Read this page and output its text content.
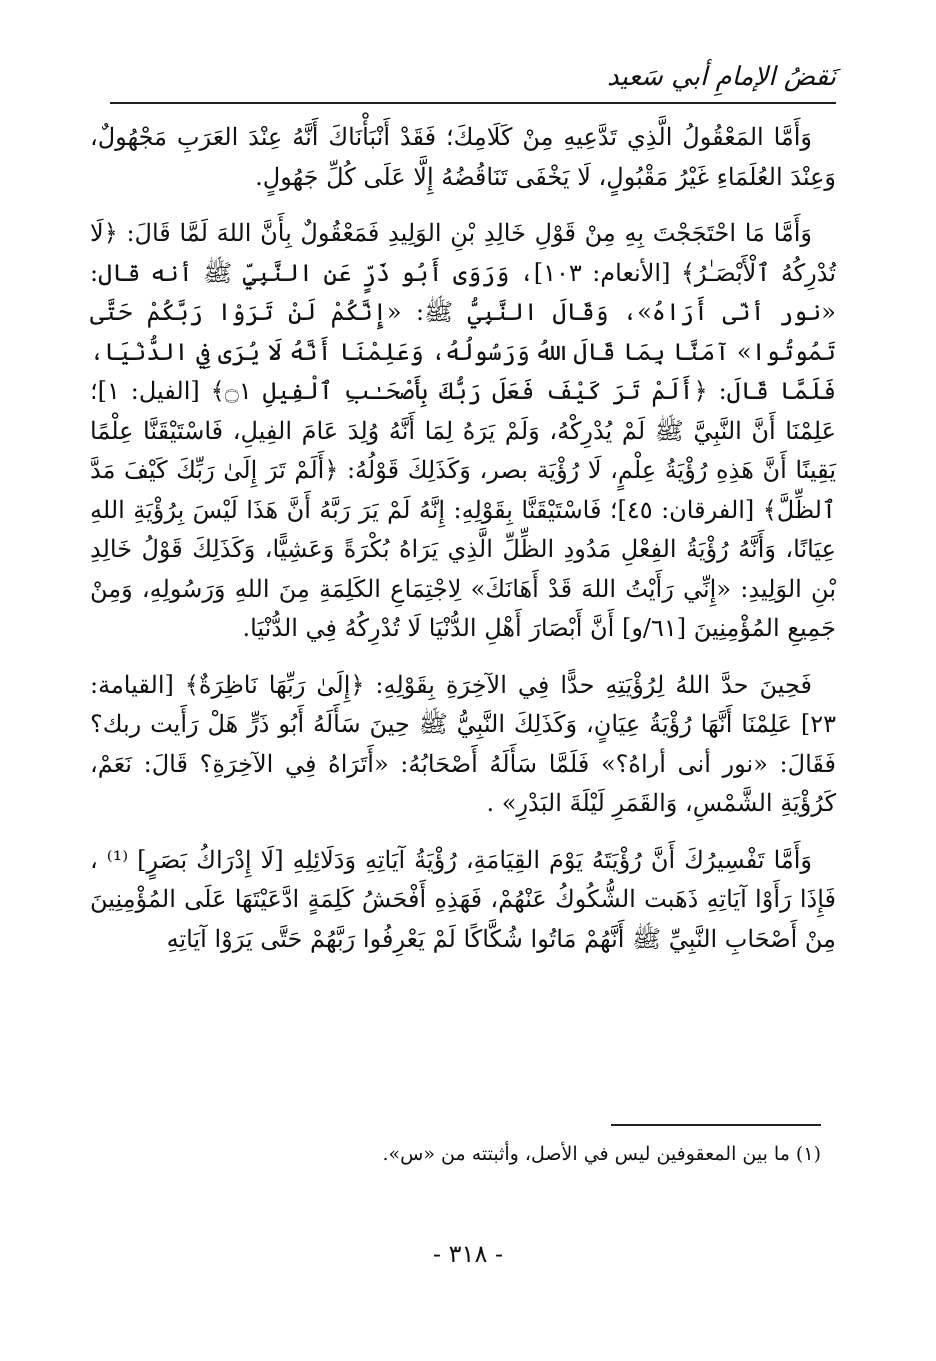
نَقضُ الإمامِ أبي سَعيد

وَأَمَّا المَعْقُولُ الَّذِي تَدَّعِيهِ مِنْ كَلَامِكَ؛ فَقَدْ أَنْبَأْنَاكَ أَنَّهُ عِنْدَ العَرَبِ مَجْهُولٌ، وَعِنْدَ العُلَمَاءِ غَيْرُ مَقْبُولٍ، لَا يَخْفَى تَنَاقُضُهُ إِلَّا عَلَى كُلِّ جَهُولٍ.

وَأَمَّا مَا احْتَجَجْتَ بِهِ مِنْ قَوْلِ خَالِدِ بْنِ الوَلِيدِ فَمَعْقُولٌ بِأَنَّ اللهَ لَمَّا قَالَ: ﴿لَا تُدْرِكُهُ ٱلْأَبْصَـٰرُ﴾ [الأنعام: ١٠٣]، وَرَوَى أَبُو ذَرٍّ عَنِ النَّبِيِّ ﷺ أنه قال: «نور أنّى أَرَاهُ»، وَقَالَ النَّبِيُّ ﷺ: «إِنَّكُمْ لَنْ تَرَوْا رَبَّكُمْ حَتَّى تَمُوتُوا» آمَنَّا بِمَا قَالَ اللهُ وَرَسُولُهُ، وَعَلِمْنَا أَنَّهُ لَا يُرَى فِي الدُّنْيَا، فَلَمَّا قَالَ: ﴿أَلَمْ تَرَ كَيْفَ فَعَلَ رَبُّكَ بِأَصْحَـٰبِ ٱلْفِيلِ ۝١﴾ [الفيل: ١]؛ عَلِمْنَا أَنَّ النَّبِيَّ ﷺ لَمْ يُدْرِكْهُ، وَلَمْ يَرَهُ لِمَا أَنَّهُ وُلِدَ عَامَ الفِيلِ، فَاسْتَيْقَنَّا عِلْمًا يَقِينًا أَنَّ هَذِهِ رُؤْيَةُ عِلْمٍ، لَا رُؤْيَة بصر، وَكَذَلِكَ قَوْلُهُ: ﴿أَلَمْ تَرَ إِلَىٰ رَبِّكَ كَيْفَ مَدَّ ٱلظِّلَّ﴾ [الفرقان: ٤٥]؛ فَاسْتَيْقَنَّا بِقَوْلِهِ: إِنَّهُ لَمْ يَرَ رَبَّهُ أَنَّ هَذَا لَيْسَ بِرُؤْيَةِ اللهِ عِيَانًا، وَأَنَّهُ رُؤْيَةُ الفِعْلِ مَدُودِ الظِّلِّ الَّذِي يَرَاهُ بُكْرَةً وَعَشِيًّا، وَكَذَلِكَ قَوْلُ خَالِدِ بْنِ الوَلِيدِ: «إِنِّي رَأَيْتُ اللهَ قَدْ أَهَانَكَ» لِاجْتِمَاعِ الكَلِمَةِ مِنَ اللهِ وَرَسُولِهِ، وَمِنْ جَمِيعِ المُؤْمِنِينَ [٦١/و] أَنَّ أَبْصَارَ أَهْلِ الدُّنْيَا لَا تُدْرِكُهُ فِي الدُّنْيَا.

فَحِينَ حدَّ اللهُ لِرُؤْيَتِهِ حدًّا فِي الآخِرَةِ بِقَوْلِهِ: ﴿إِلَىٰ رَبِّهَا نَاظِرَةٌ﴾ [القيامة: ٢٣] عَلِمْنَا أَنَّهَا رُؤْيَةُ عِيَانٍ، وَكَذَلِكَ النَّبِيُّ ﷺ حِينَ سَأَلَهُ أَبُو ذَرٍّ هَلْ رَأَيت ربك؟ فَقَالَ: «نور أنى أراهُ؟» فَلَمَّا سَأَلَهُ أَصْحَابُهُ: «أَتَرَاهُ فِي الآخِرَةِ؟ قَالَ: نَعَمْ، كَرُؤْيَةِ الشَّمْسِ، وَالقَمَرِ لَيْلَةَ البَدْرِ» .

وَأَمَّا تَفْسِيرُكَ أَنَّ رُؤْيَتَهُ يَوْمَ القِيَامَةِ، رُؤْيَةُ آيَاتِهِ وَدَلَائِلِهِ [لَا إِدْرَاكُ بَصَرٍ] ⁽¹⁾ ، فَإِذَا رَأَوْا آيَاتِهِ ذَهَبت الشُّكُوكُ عَنْهُمْ، فَهَذِهِ أَفْحَشُ كَلِمَةٍ ادَّعَيْتَهَا عَلَى المُؤْمِنِينَ مِنْ أَصْحَابِ النَّبِيِّ ﷺ أَنَّهُمْ مَاتُوا شُكَّاكًا لَمْ يَعْرِفُوا رَبَّهُمْ حَتَّى يَرَوْا آيَاتِهِ

(١) ما بين المعقوفين ليس في الأصل، وأثبتته من «س».
- ٣١٨ -
